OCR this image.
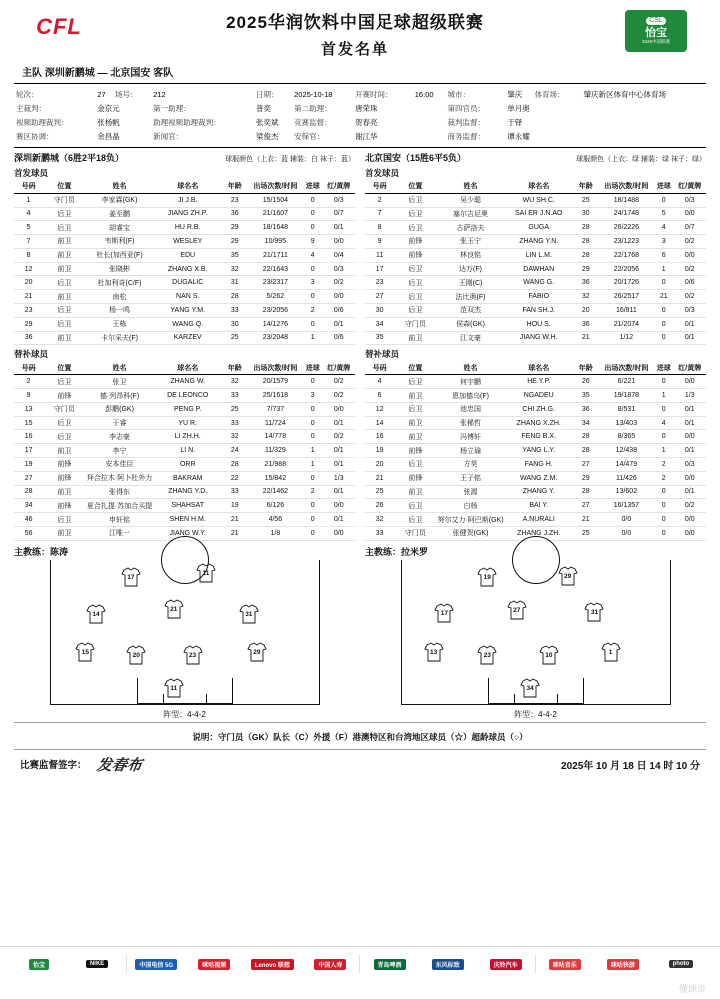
CFL	2025华润饮料中国足球超级联赛
首发名单
CSL
怡宝
2025中超联赛
主队 深圳新鹏城 — 北京国安 客队
轮次：	27	场号：	212	日期：	2025-10-18	开赛时间：	16:00	城市：	肇庆	体育场：	肇庆新区体育中心体育场
主裁判：	金京元		第一助理：	普奕	第二助理：	唐荣珠		第四官员：	单月奥		
视频助理裁判：	张杨帆		助理视频助理裁判：	张奕斌	竞赛监督：	贺春亮		裁判监督：	于铎		
赛区协调：	余昌晶		新闻官：	梁俊杰	安保官：	谢江华		商务监督：	谭永耀		
深圳新鹏城（6胜2平18负）	球服颜色（上衣：蓝 辅装：白 袜子：蓝）
首发球员
号码	位置	姓名	球名名	年龄	出场次数/时间	进球	红/黄牌
1	守门员	李家霖(GK)	JI J.B.	23	15/1504	0	0/3
4	后卫	姜至鹏	JIANG ZH.P.	36	21/1607	0	0/7
5	后卫	胡睿宝	HU R.B.	29	18/1648	0	0/1
7	前卫	韦斯利(F)	WESLEY	29	10/995	9	0/0
8	前卫	杜长(加西亚(F)	EDU	35	21/1711	4	0/4
12	前卫	张晓彬	ZHANG X.B.	32	22/1643	0	0/3
20	后卫	杜加利奇(C/F)	DUGALIC	31	23/2317	3	0/2
21	前卫	南松	NAN S.	28	5/262	0	0/0
23	后卫	杨一鸣	YANG Y.M.	33	23/2056	2	0/6
29	后卫	王栋	WANG Q.	30	14/1276	0	0/1
36	前卫	卡尔采夫(F)	KARZEV	25	23/2048	1	0/6
替补球员
号码	位置	姓名	球名名	年龄	出场次数/时间	进球	红/黄牌
2	后卫	张卫	ZHANG W.	32	20/1579	0	0/2
9	前锋	德·列昂科(F)	DE LEONCO	33	25/1618	3	0/2
13	守门员	彭鹏(GK)	PENG P.	25	7/737	0	0/0
15	后卫	于睿	YU R.	33	11/724	0	0/1
16	后卫	李志豪	LI ZH.H.	32	14/778	0	0/2
17	前卫	李宁	LI N.	24	11/329	1	0/1
19	前锋	安本佳臣	ORR	28	21/988	1	0/1
27	前锋	拜合拉木·阿卜杜外力	BAKRAM	22	15/842	0	1/3
28	前卫	张得东	ZHANG Y.D.	33	22/1462	2	0/1
34	前锋	夏合扎提·苏加合买提	SHAHSAT	19	6/126	0	0/0
46	后卫	申轩铭	SHEN H.M.	21	4/56	0	0/1
56	前卫	江唯一	JIANG W.Y.	21	1/8	0	0/0
主教练：陈涛
17
11
14
21
31
15	20	23	29
11
阵型：4-4-2
北京国安（15胜6平5负）	球服颜色（上衣：绿 辅装：绿 袜子：绿）
首发球员
号码	位置	姓名	球名名	年龄	出场次数/时间	进球	红/黄牌
2	后卫	吴少聪	WU SH.C.	25	18/1488	0	0/3
7	后卫	塞尔吉尼奥	SAI ER J.N.AO	30	24/1748	5	0/0
8	后卫	古萨洛夫	GUGA	28	26/2226	4	0/7
9	前锋	张玉宁	ZHANG Y.N.	28	23/1223	3	0/2
11	前锋	林良铭	LIN L.M.	28	22/1768	6	0/0
17	后卫	达万(F)	DAWHAN	29	22/2056	1	0/2
23	后卫	王刚(C)	WANG G.	36	20/1726	0	0/6
27	后卫	法比奥(F)	FABIO	32	26/2517	21	0/2
30	后卫	范双杰	FAN SH.J.	20	16/911	0	0/3
34	守门员	侯森(GK)	HOU S.	36	21/2074	0	0/1
35	前卫	江文豪	JIANG W.H.	21	1/12	0	0/1
替补球员
号码	位置	姓名	球名名	年龄	出场次数/时间	进球	红/黄牌
4	后卫	何宇鹏	HE Y.P.	26	6/221	0	0/0
6	前卫	恩加德乌(F)	NGADEU	35	19/1878	1	1/3
12	后卫	池忠国	CHI ZH.G.	36	8/531	0	0/1
14	前卫	张稀哲	ZHANG X.ZH.	34	13/403	4	0/1
16	前卫	冯博轩	FENG B.X.	28	8/365	0	0/0
19	前锋	杨立瑜	YANG L.Y.	28	12/438	1	0/1
20	后卫	方昊	FANG H.	27	14/479	2	0/3
21	前锋	王子铭	WANG Z.M.	29	11/426	2	0/0
25	前卫	张源	ZHANG Y.	28	13/602	0	0/1
26	后卫	白杨	BAI Y.	27	16/1357	0	0/2
32	后卫	努尔艾力·阿巴斯(GK)	A.NURALI	21	0/0	0	0/0
33	守门员	张健贺(GK)	ZHANG J.ZH.	25	0/0	0	0/0
主教练：拉米罗
19	29
17	27	31
13	23	10	1
34
阵型：4-4-2
说明：守门员（GK）队长（C）外援（F）港澳特区和台湾地区球员（☆）超龄球员（○）
比赛监督签字： 发春布	2025年 10 月 18 日 14 时 10 分
怡宝	NIKE	中国电信 5G	咪咕视频	Lenovo 联想	中国人寿	青岛啤酒	东风标致	庆铃汽车	咪咕音乐	咪咕快游	photo
懂球帝
